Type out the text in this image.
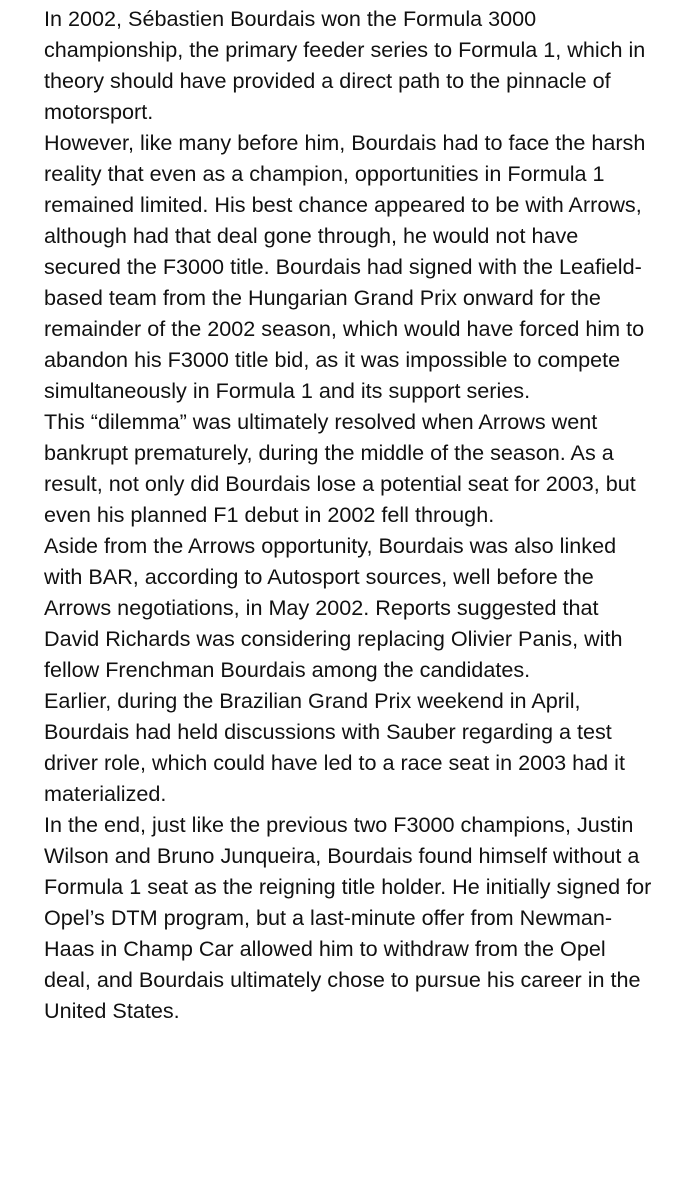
In 2002, Sébastien Bourdais won the Formula 3000 championship, the primary feeder series to Formula 1, which in theory should have provided a direct path to the pinnacle of motorsport.

However, like many before him, Bourdais had to face the harsh reality that even as a champion, opportunities in Formula 1 remained limited. His best chance appeared to be with Arrows, although had that deal gone through, he would not have secured the F3000 title. Bourdais had signed with the Leafield-based team from the Hungarian Grand Prix onward for the remainder of the 2002 season, which would have forced him to abandon his F3000 title bid, as it was impossible to compete simultaneously in Formula 1 and its support series.

This “dilemma” was ultimately resolved when Arrows went bankrupt prematurely, during the middle of the season. As a result, not only did Bourdais lose a potential seat for 2003, but even his planned F1 debut in 2002 fell through.

Aside from the Arrows opportunity, Bourdais was also linked with BAR, according to Autosport sources, well before the Arrows negotiations, in May 2002. Reports suggested that David Richards was considering replacing Olivier Panis, with fellow Frenchman Bourdais among the candidates.

Earlier, during the Brazilian Grand Prix weekend in April, Bourdais had held discussions with Sauber regarding a test driver role, which could have led to a race seat in 2003 had it materialized.

In the end, just like the previous two F3000 champions, Justin Wilson and Bruno Junqueira, Bourdais found himself without a Formula 1 seat as the reigning title holder. He initially signed for Opel’s DTM program, but a last-minute offer from Newman-Haas in Champ Car allowed him to withdraw from the Opel deal, and Bourdais ultimately chose to pursue his career in the United States.
